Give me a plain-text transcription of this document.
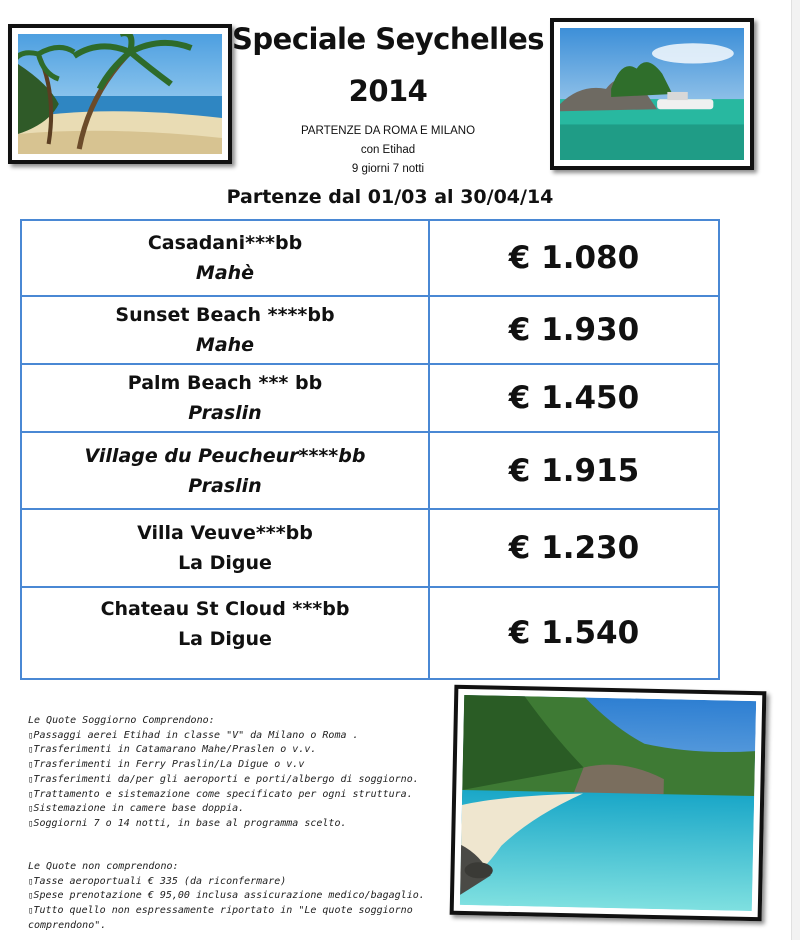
Speciale Seychelles
2014
PARTENZE DA ROMA E MILANO
con Etihad
9 giorni 7 notti
Partenze dal 01/03 al 30/04/14
Casadani***bb
Mahè	€ 1.080

Sunset Beach ****bb
Mahe	€ 1.930

Palm Beach *** bb
Praslin	€ 1.450

Village du Peucheur****bb
Praslin	€ 1.915

Villa Veuve***bb
La Digue	€ 1.230

Chateau St Cloud ***bb
La Digue	€ 1.540
Le Quote Soggiorno Comprendono:
▯ Passaggi aerei Etihad in classe "V" da Milano o Roma .
▯ Trasferimenti in Catamarano Mahe/Praslen o v.v.
▯ Trasferimenti in Ferry Praslin/La Digue o v.v
▯ Trasferimenti da/per gli aeroporti e porti/albergo di soggiorno.
▯ Trattamento e sistemazione come specificato per ogni struttura.
▯ Sistemazione in camere base doppia.
▯ Soggiorni 7 o 14 notti, in base al programma scelto.
Le Quote non comprendono:
▯ Tasse aeroportuali € 335 (da riconfermare)
▯ Spese prenotazione € 95,00 inclusa assicurazione medico/bagaglio.
▯ Tutto quello non espressamente riportato in "Le quote soggiorno comprendono".
